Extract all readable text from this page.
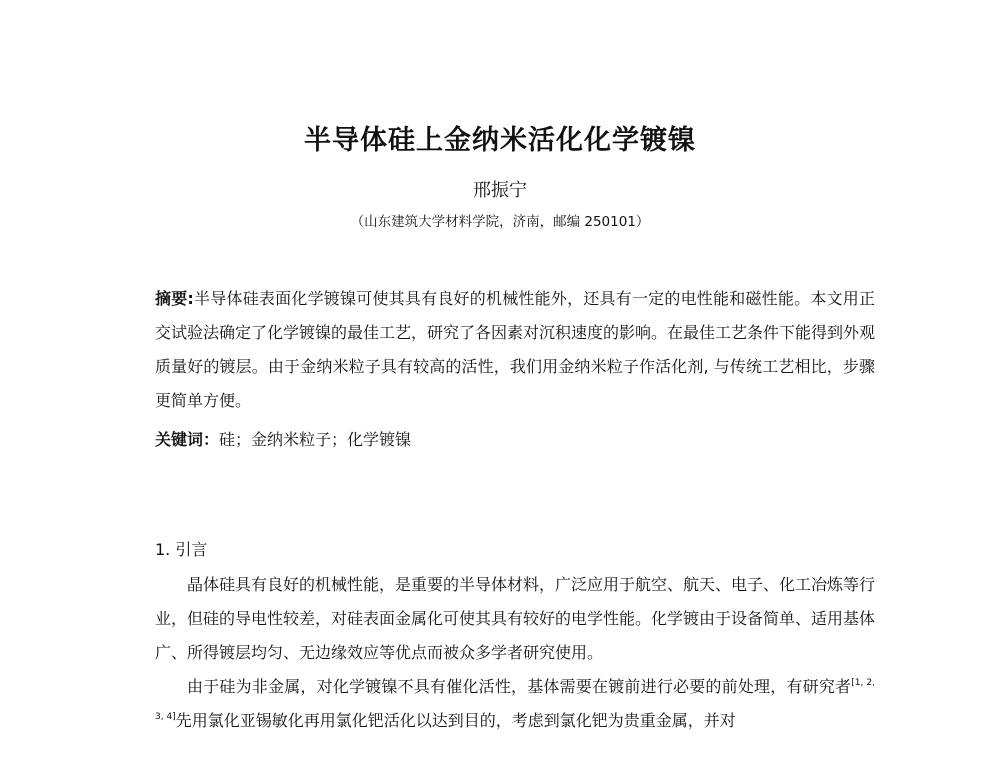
半导体硅上金纳米活化化学镀镍
邢振宁
（山东建筑大学材料学院，济南，邮编 250101）
摘要:半导体硅表面化学镀镍可使其具有良好的机械性能外，还具有一定的电性能和磁性能。本文用正交试验法确定了化学镀镍的最佳工艺，研究了各因素对沉积速度的影响。在最佳工艺条件下能得到外观质量好的镀层。由于金纳米粒子具有较高的活性，我们用金纳米粒子作活化剂, 与传统工艺相比，步骤更简单方便。
关键词：硅；金纳米粒子；化学镀镍
1. 引言

晶体硅具有良好的机械性能，是重要的半导体材料，广泛应用于航空、航天、电子、化工冶炼等行业，但硅的导电性较差，对硅表面金属化可使其具有较好的电学性能。化学镀由于设备简单、适用基体广、所得镀层均匀、无边缘效应等优点而被众多学者研究使用。

由于硅为非金属，对化学镀镍不具有催化活性，基体需要在镀前进行必要的前处理，有研究者[1, 2, 3, 4]先用氯化亚锡敏化再用氯化钯活化以达到目的，考虑到氯化钯为贵重金属，并对
